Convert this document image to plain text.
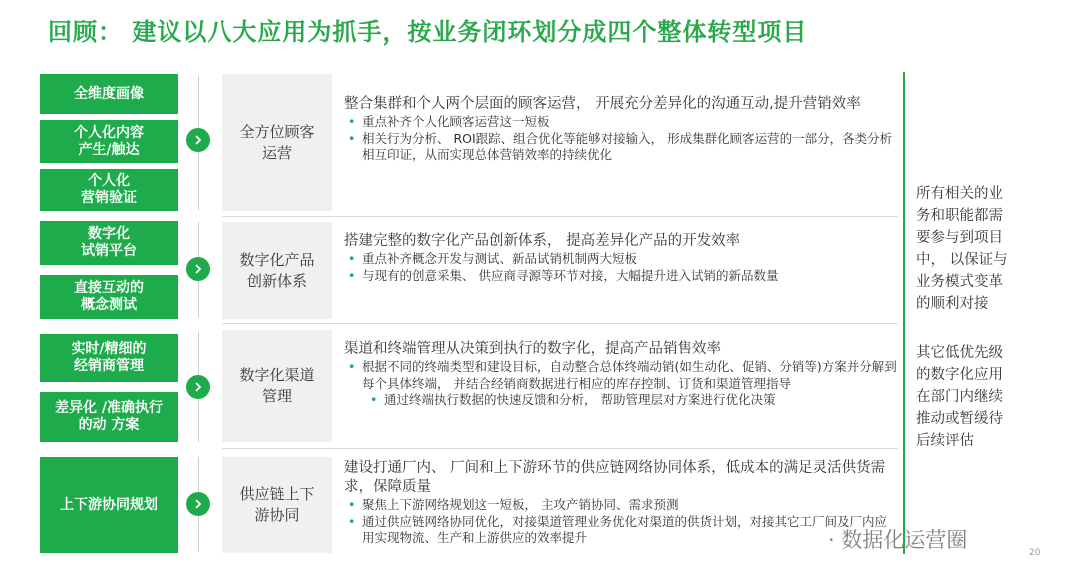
回顾： 建议以八大应用为抓手，按业务闭环划分成四个整体转型项目
全维度画像
个人化内容
产生/触达
个人化
营销验证
数字化
试销平台
直接互动的
概念测试
实时/精细的
经销商管理
差异化 /准确执行
的动 方案
上下游协同规划
全方位顾客
运营
数字化产品
创新体系
数字化渠道
管理
供应链上下
游协同
整合集群和个人两个层面的顾客运营， 开展充分差异化的沟通互动,提升营销效率
• 重点补齐个人化顾客运营这一短板
• 相关行为分析、 ROI跟踪、组合优化等能够对接输入， 形成集群化顾客运营的一部分，各类分析相互印证，从而实现总体营销效率的持续优化
搭建完整的数字化产品创新体系， 提高差异化产品的开发效率
• 重点补齐概念开发与测试、新品试销机制两大短板
• 与现有的创意采集、 供应商寻源等环节对接，大幅提升进入试销的新品数量
渠道和终端管理从决策到执行的数字化，提高产品销售效率
• 根据不同的终端类型和建设目标，自动整合总体终端动销(如生动化、促销、分销等)方案并分解到每个具体终端， 并结合经销商数据进行相应的库存控制、订货和渠道管理指导
• 通过终端执行数据的快速反馈和分析， 帮助管理层对方案进行优化决策
建设打通厂内、 厂间和上下游环节的供应链网络协同体系，低成本的满足灵活供货需求，保障质量
• 聚焦上下游网络规划这一短板， 主攻产销协同、需求预测
• 通过供应链网络协同优化，对接渠道管理业务优化对渠道的供货计划，对接其它工厂间及厂内应用实现物流、生产和上游供应的效率提升
所有相关的业
务和职能都需
要参与到项目
中， 以保证与
业务模式变革
的顺利对接
其它低优先级
的数字化应用
在部门内继续
推动或暂缓待
后续评估
· 数据化运营圈
20
